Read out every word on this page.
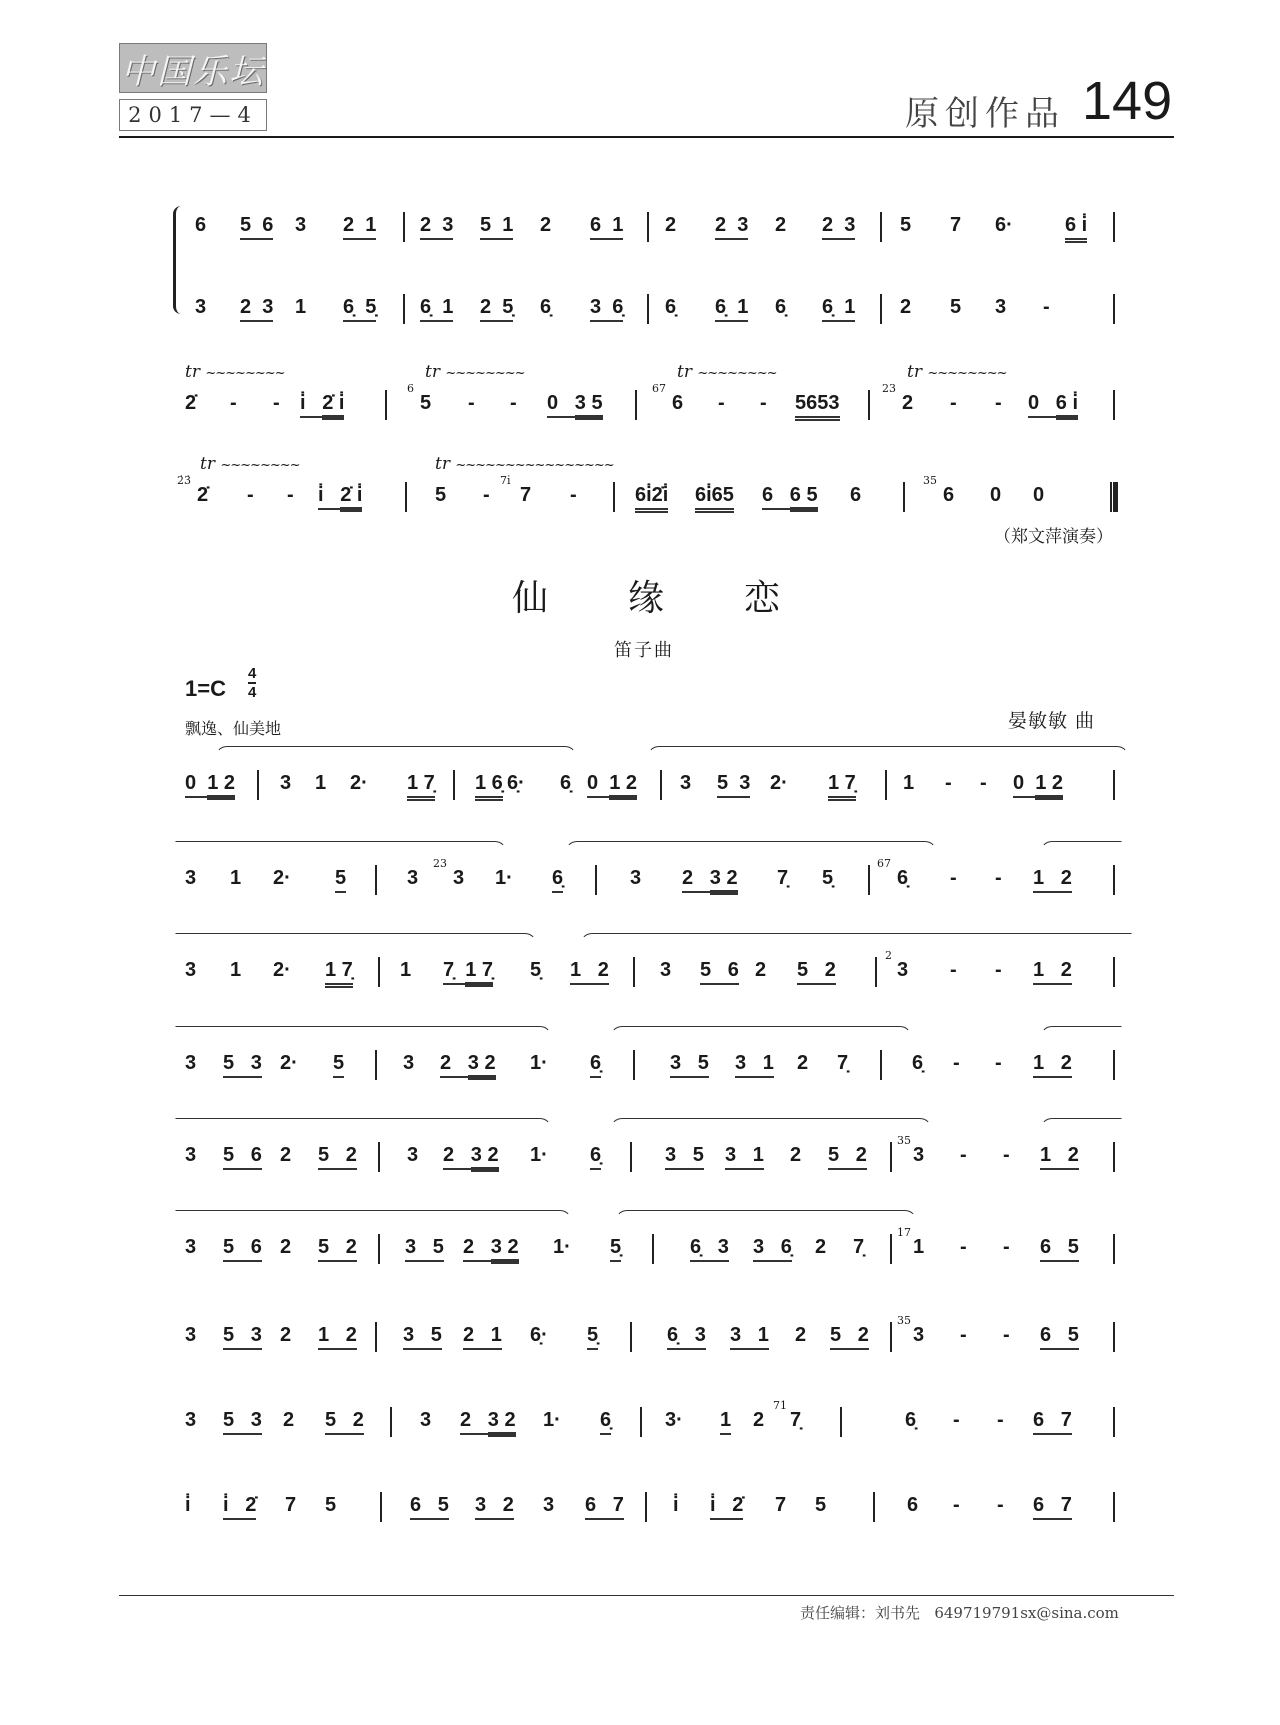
中国乐坛
2017—4	原创作品 149
6 5  6 3 2  1 2  3 5  1 2 6  1 2 2  3 2 2  3 5 7 6·	6 i̇
3 2  3 1 6̣  5̣ 6̣  1 2  5̣ 6̣ 3  6̣ 6̣ 6̣  1 6̣ 6̣  1 2 5 3 -
tr ~~~~~~~~
2̇ - - i̇   2̇ i̇
tr ~~~~~~~~
6
5 - - 0   3 5
tr ~~~~~~~~
67
6 - - 5653
tr ~~~~~~~~
23
2 - - 0   6 i̇
tr ~~~~~~~~
2̇3̇
2̇ - - i̇   2̇ i̇
tr ~~~~~~~~~~~~~~~~
5 -
7i̇
7 -	6i̇2̇i̇ 6i̇65 6   6 5 6
35
6 0 0
（郑文萍演奏）
仙缘恋
笛子曲
1=C
4
4
飘逸、仙美地	晏敏敏 曲
0  1 2 3 1 2· 1 7̣ 1 6̣ 6̣· 6̣ 0  1 2 3 5  3 2· 1 7̣ 1 - - 0  1 2
3 1 2· 5	3
23
3 1· 6̣	3 2   3 2 7̣ 5̣
67
6̣ - - 1   2
3 1 2· 1 7̣ 1 7̣  1 7̣ 5̣ 1   2	3 5   6 2 5   2
2
3 - - 1   2
3 5   3 2· 5	3 2   3 2 1· 6̣	3   5 3   1 2 7̣	6̣ - - 1   2
3 5   6 2 5   2	3 2   3 2 1· 6̣	3   5 3   1 2 5   2
35
3 - - 1   2
3 5   6 2 5   2 3   5 2   3 2 1· 5̣	6̣   3 3   6̣ 2 7̣
17
1 - - 6   5
3 5   3 2 1   2 3   5 2   1 6̣· 5̣	6̣   3 3   1 2 5   2
35
3 - - 6   5
3 5   3 2 5   2	3 2   3 2 1· 6̣	3· 1 2
71
7̣	6̣ - - 6   7
i̇ i̇   2̇ 7 5	6   5 3   2 3 6   7 i̇ i̇   2̇ 7 5	6 - - 6   7
责任编辑：刘书先 649719791sx@sina.com
